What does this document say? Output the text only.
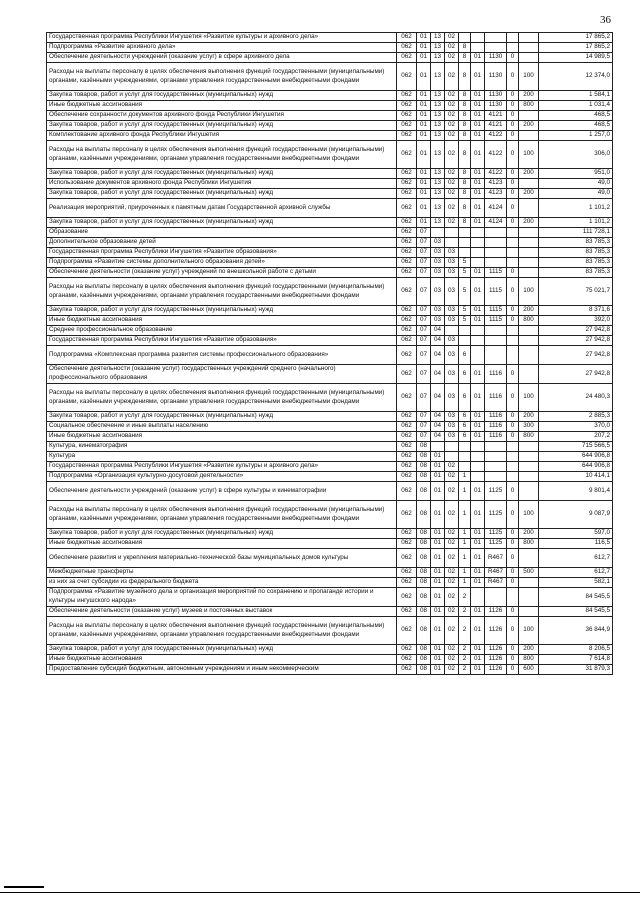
36
Государственная программа Республики Ингушетия «Развитие культуры и архивного дела»	062	01	13	02						17 865,2
Подпрограмма «Развитие архивного дела»	062	01	13	02	8					17 865,2
Обеспечение деятельности учреждений (оказание услуг) в сфере архивного дела	062	01	13	02	8	01	1130	0		14 989,5
Расходы на выплаты персоналу в целях обеспечения выполнения функций государственными (муниципальными) органами, казёнными учреждениями, органами управления государственными внебюджетными фондами	062	01	13	02	8	01	1130	0	100	12 374,0
Закупка товаров, работ и услуг для государственных (муниципальных) нужд	062	01	13	02	8	01	1130	0	200	1 584,1
Иные бюджетные ассигнования	062	01	13	02	8	01	1130	0	800	1 031,4
Обеспечение сохранности документов архивного фонда Республики Ингушетия	062	01	13	02	8	01	4121	0		468,5
Закупка товаров, работ и услуг для государственных (муниципальных) нужд	062	01	13	02	8	01	4121	0	200	468,5
Комплектование архивного фонда Республики Ингушетия	062	01	13	02	8	01	4122	0		1 257,0
Расходы на выплаты персоналу в целях обеспечения выполнения функций государственными (муниципальными) органами, казёнными учреждениями, органами управления государственными внебюджетными фондами	062	01	13	02	8	01	4122	0	100	306,0
Закупка товаров, работ и услуг для государственных (муниципальных) нужд	062	01	13	02	8	01	4122	0	200	951,0
Использование документов архивного фонда Республики Ингушетия	062	01	13	02	8	01	4123	0		49,0
Закупка товаров, работ и услуг для государственных (муниципальных) нужд	062	01	13	02	8	01	4123	0	200	49,0
Реализация мероприятий, приуроченных к памятным датам Государственной архивной службы	062	01	13	02	8	01	4124	0		1 101,2
Закупка товаров, работ и услуг для государственных (муниципальных) нужд	062	01	13	02	8	01	4124	0	200	1 101,2
Образование	062	07								111 728,1
Дополнительное образование детей	062	07	03							83 785,3
Государственная программа Республики Ингушетия «Развитие образования»	062	07	03	03						83 785,3
Подпрограмма «Развитие системы дополнительного образования детей»	062	07	03	03	5					83 785,3
Обеспечение деятельности (оказание услуг) учреждений по внешкольной работе с детьми	062	07	03	03	5	01	1115	0		83 785,3
Расходы на выплаты персоналу в целях обеспечения выполнения функций государственными (муниципальными) органами, казёнными учреждениями, органами управления государственными внебюджетными фондами	062	07	03	03	5	01	1115	0	100	75 021,7
Закупка товаров, работ и услуг для государственных (муниципальных) нужд	062	07	03	03	5	01	1115	0	200	8 371,6
Иные бюджетные ассигнования	062	07	03	03	5	01	1115	0	800	392,0
Среднее профессиональное образование	062	07	04							27 942,8
Государственная программа Республики Ингушетия «Развитие образования»	062	07	04	03						27 942,8
Подпрограмма «Комплексная программа развития системы профессионального образования»	062	07	04	03	6					27 942,8
Обеспечение деятельности (оказание услуг) государственных учреждений среднего (начального) профессионального образования	062	07	04	03	6	01	1116	0		27 942,8
Расходы на выплаты персоналу в целях обеспечения выполнения функций государственными (муниципальными) органами, казёнными учреждениями, органами управления государственными внебюджетными фондами	062	07	04	03	6	01	1116	0	100	24 480,3
Закупка товаров, работ и услуг для государственных (муниципальных) нужд	062	07	04	03	6	01	1116	0	200	2 885,3
Социальное обеспечение и иные выплаты населению	062	07	04	03	6	01	1116	0	300	370,0
Иные бюджетные ассигнования	062	07	04	03	6	01	1116	0	800	207,2
Культура, кинематография	062	08								715 566,5
Культура	062	08	01							644 906,8
Государственная программа Республики Ингушетия «Развитие культуры и архивного дела»	062	08	01	02						644 906,8
Подпрограмма «Организация культурно-досуговой деятельности»	062	08	01	02	1					10 414,1
Обеспечение деятельности учреждений (оказание услуг) в сфере культуры и кинематографии	062	08	01	02	1	01	1125	0		9 801,4
Расходы на выплаты персоналу в целях обеспечения выполнения функций государственными (муниципальными) органами, казёнными учреждениями, органами управления государственными внебюджетными фондами	062	08	01	02	1	01	1125	0	100	9 087,9
Закупка товаров, работ и услуг для государственных (муниципальных) нужд	062	08	01	02	1	01	1125	0	200	597,0
Иные бюджетные ассигнования	062	08	01	02	1	01	1125	0	800	116,5
Обеспечение развития и укрепления материально-технической базы муниципальных домов культуры	062	08	01	02	1	01	R467	0		612,7
Межбюджетные трансферты	062	08	01	02	1	01	R467	0	500	612,7
из них за счет субсидии из федерального бюджета	062	08	01	02	1	01	R467	0		582,1
Подпрограмма «Развитие музейного дела и организация мероприятий по сохранению и пропаганде истории и культуры ингушского народа»	062	08	01	02	2					84 545,5
Обеспечение деятельности (оказание услуг) музеев и постоянных выставок	062	08	01	02	2	01	1126	0		84 545,5
Расходы на выплаты персоналу в целях обеспечения выполнения функций государственными (муниципальными) органами, казёнными учреждениями, органами управления государственными внебюджетными фондами	062	08	01	02	2	01	1126	0	100	36 844,9
Закупка товаров, работ и услуг для государственных (муниципальных) нужд	062	08	01	02	2	01	1126	0	200	8 206,5
Иные бюджетные ассигнования	062	08	01	02	2	01	1126	0	800	7 614,8
Предоставление субсидий бюджетным, автономным учреждениям и иным некоммерческим	062	08	01	02	2	01	1126	0	600	31 879,3
